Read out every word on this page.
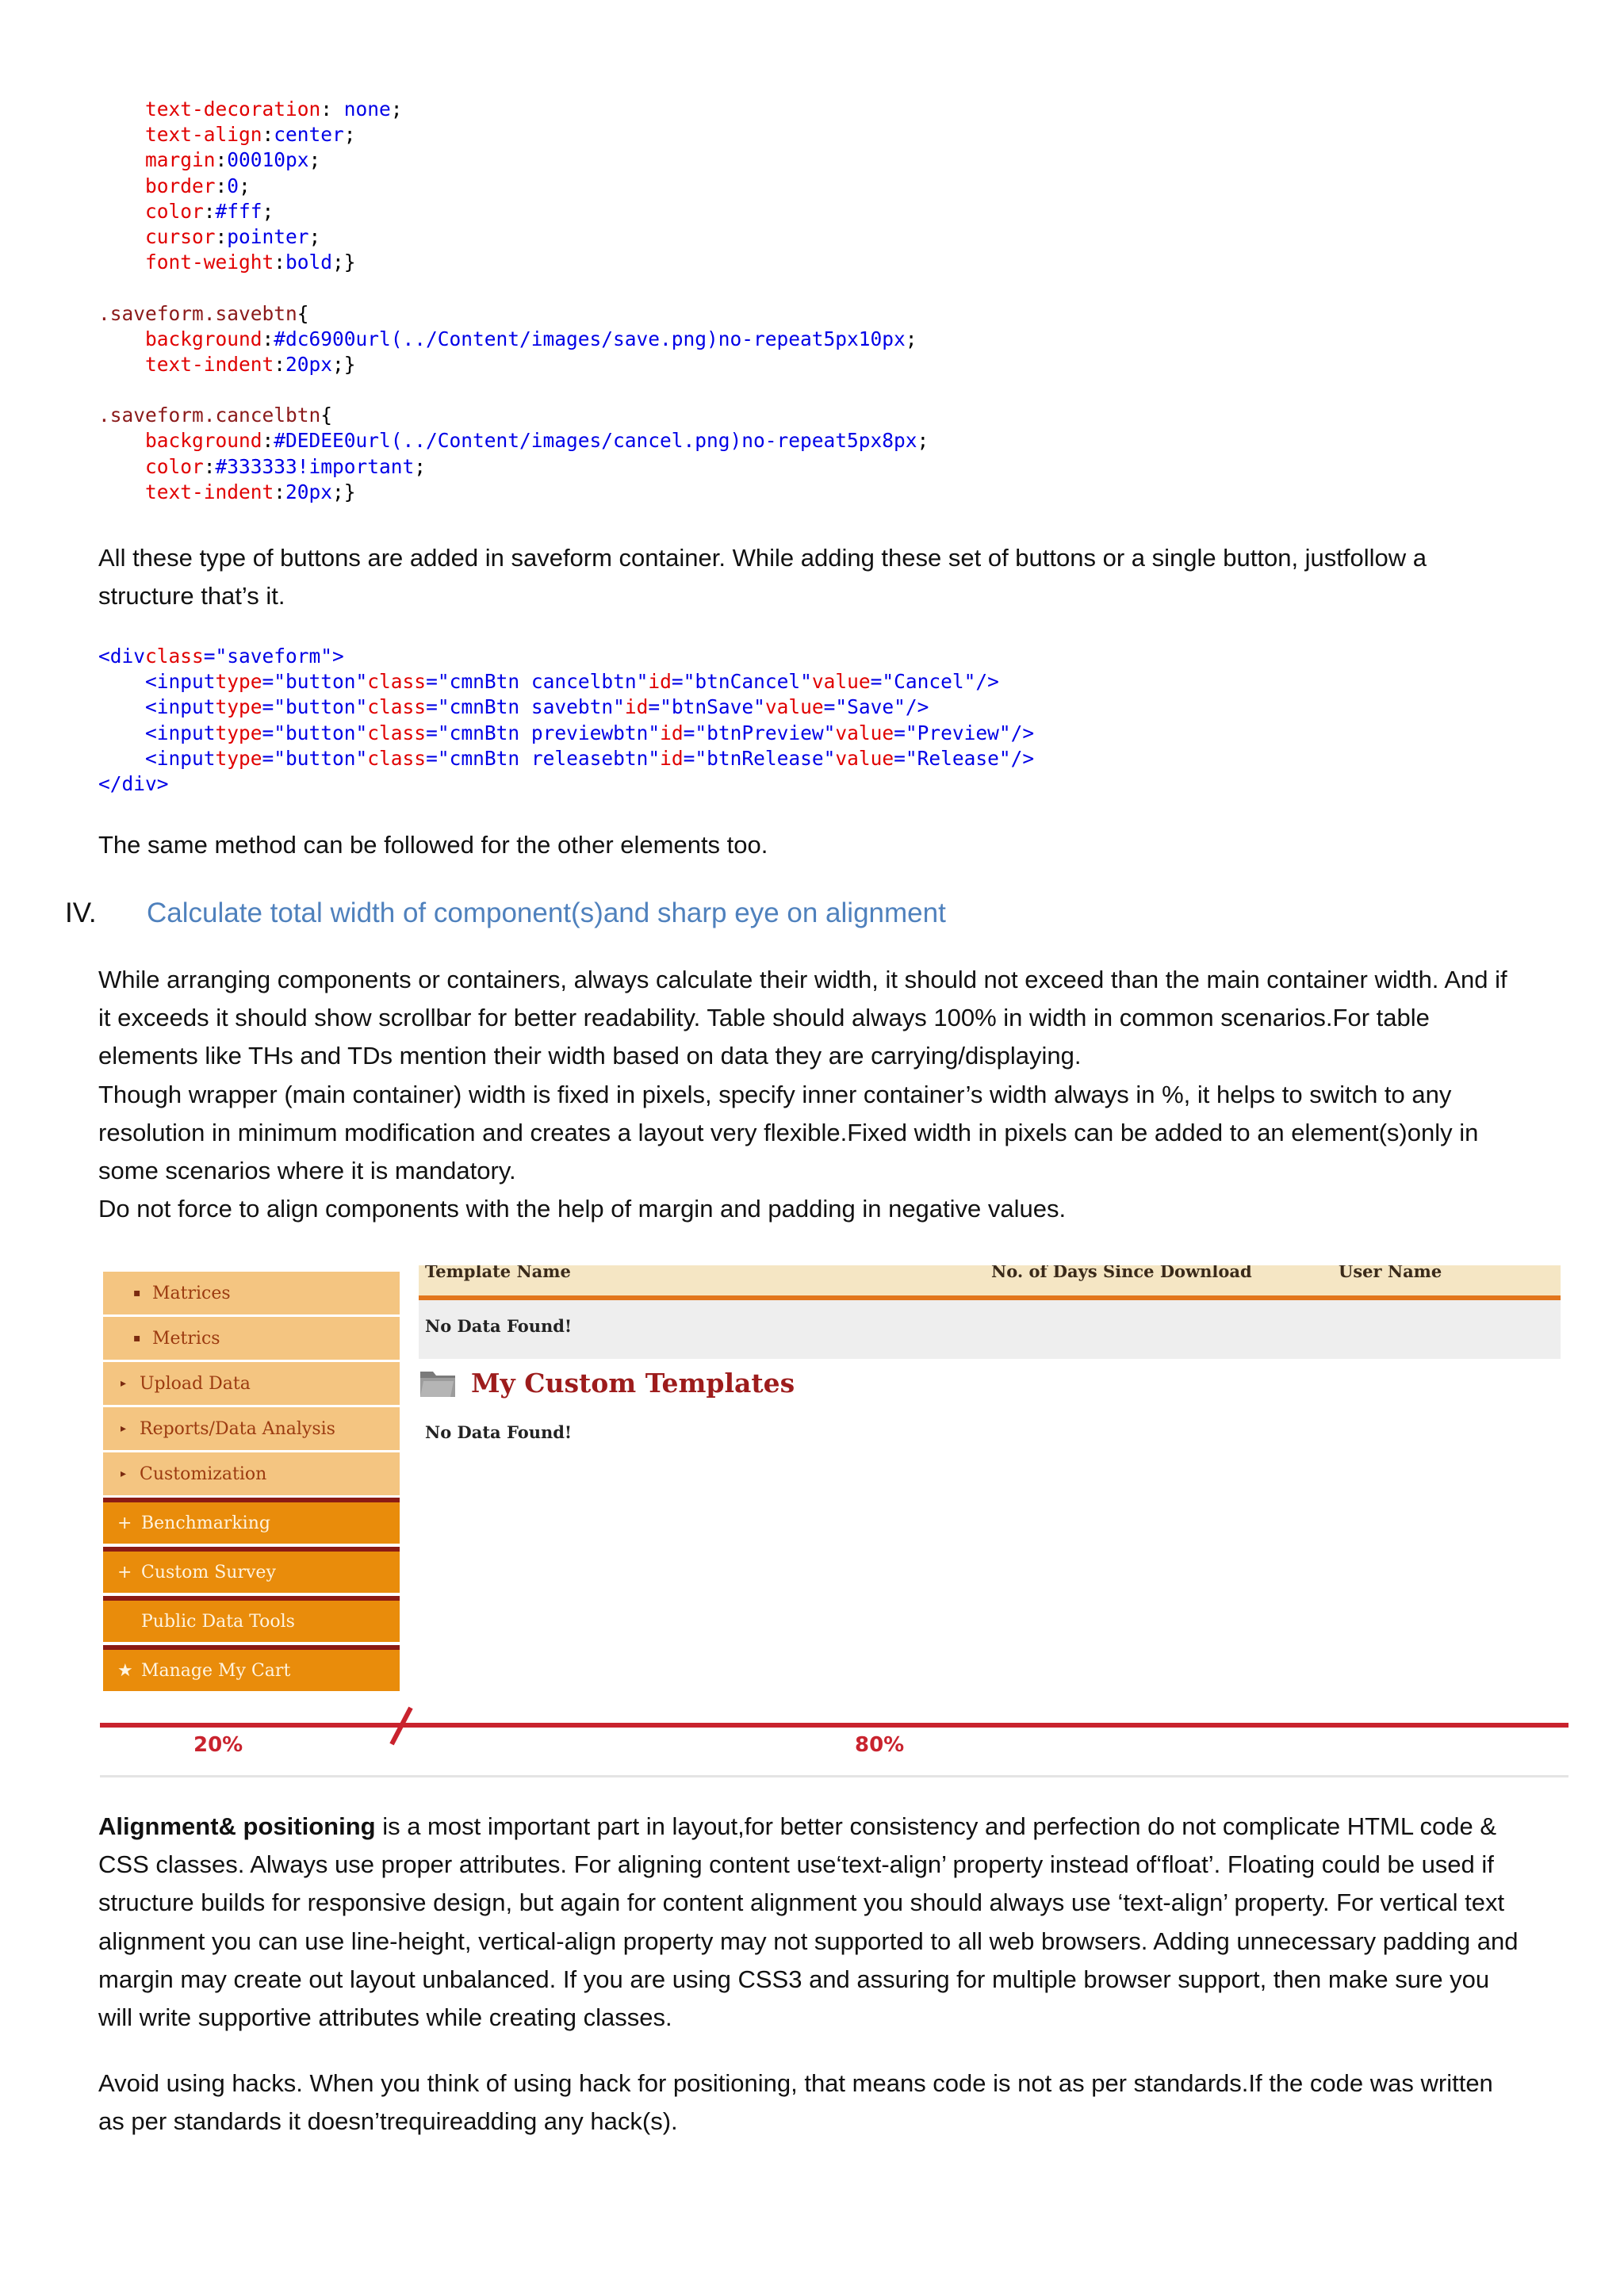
text-decoration: none;
text-align:center;
margin:00010px;
border:0;
color:#fff;
cursor:pointer;
font-weight:bold;}
.saveform.savebtn{
background:#dc6900url(../Content/images/save.png)no-repeat5px10px;
text-indent:20px;}
.saveform.cancelbtn{
background:#DEDEE0url(../Content/images/cancel.png)no-repeat5px8px;
color:#333333!important;
text-indent:20px;}

All these type of buttons are added in saveform container. While adding these set of buttons or a single button, justfollow a structure that’s it.

<divclass="saveform">
<inputtype="button"class="cmnBtn cancelbtn"id="btnCancel"value="Cancel"/>
<inputtype="button"class="cmnBtn savebtn"id="btnSave"value="Save"/>
<inputtype="button"class="cmnBtn previewbtn"id="btnPreview"value="Preview"/>
<inputtype="button"class="cmnBtn releasebtn"id="btnRelease"value="Release"/>
</div>

The same method can be followed for the other elements too.

IV. Calculate total width of component(s)and sharp eye on alignment
While arranging components or containers, always calculate their width, it should not exceed than the main container width. And if it exceeds it should show scrollbar for better readability. Table should always 100% in width in common scenarios.For table elements like THs and TDs mention their width based on data they are carrying/displaying.
Though wrapper (main container) width is fixed in pixels, specify inner container’s width always in %, it helps to switch to any resolution in minimum modification and creates a layout very flexible.Fixed width in pixels can be added to an element(s)only in some scenarios where it is mandatory.
Do not force to align components with the help of margin and padding in negative values.
▪ Matrices
▪ Metrics
▸ Upload Data
▸ Reports/Data Analysis
▸ Customization
+ Benchmarking
+ Custom Survey
Public Data Tools
★ Manage My Cart
Template Name	No. of Days Since Download	User Name
No Data Found!
My Custom Templates
No Data Found!
20%	80%

Alignment& positioning is a most important part in layout,for better consistency and perfection do not complicate HTML code & CSS classes. Always use proper attributes. For aligning content use‘text-align’ property instead of‘float’. Floating could be used if structure builds for responsive design, but again for content alignment you should always use ‘text-align’ property. For vertical text alignment you can use line-height, vertical-align property may not supported to all web browsers. Adding unnecessary padding and margin may create out layout unbalanced. If you are using CSS3 and assuring for multiple browser support, then make sure you will write supportive attributes while creating classes.

Avoid using hacks. When you think of using hack for positioning, that means code is not as per standards.If the code was written as per standards it doesn’trequireadding any hack(s).
